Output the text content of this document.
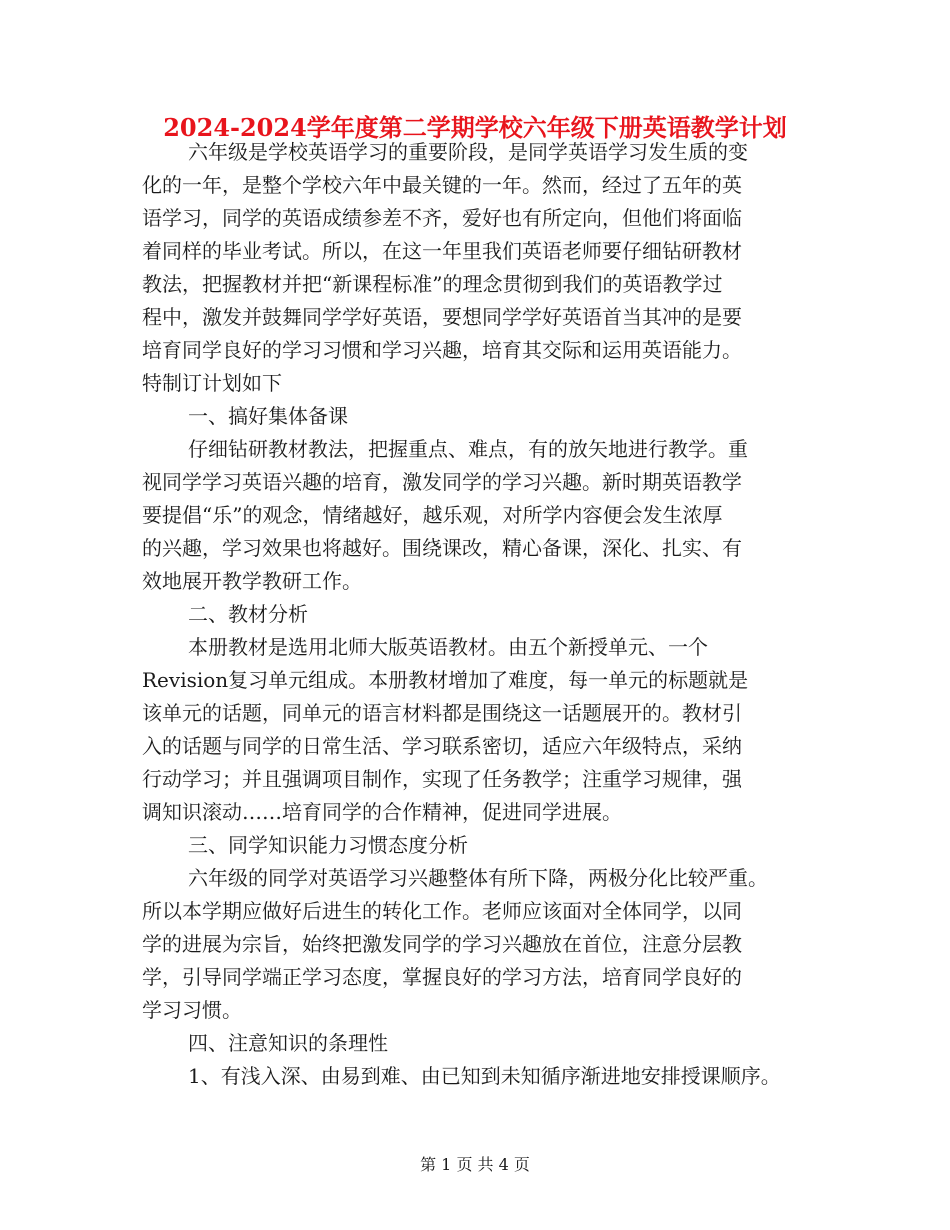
2024-2024学年度第二学期学校六年级下册英语教学计划
六年级是学校英语学习的重要阶段，是同学英语学习发生质的变
化的一年，是整个学校六年中最关键的一年。然而，经过了五年的英
语学习，同学的英语成绩参差不齐，爱好也有所定向，但他们将面临
着同样的毕业考试。所以，在这一年里我们英语老师要仔细钻研教材
教法，把握教材并把“新课程标准”的理念贯彻到我们的英语教学过
程中，激发并鼓舞同学学好英语，要想同学学好英语首当其冲的是要
培育同学良好的学习习惯和学习兴趣，培育其交际和运用英语能力。
特制订计划如下
一、搞好集体备课
仔细钻研教材教法，把握重点、难点，有的放矢地进行教学。重
视同学学习英语兴趣的培育，激发同学的学习兴趣。新时期英语教学
要提倡“乐”的观念，情绪越好，越乐观，对所学内容便会发生浓厚
的兴趣，学习效果也将越好。围绕课改，精心备课，深化、扎实、有
效地展开教学教研工作。
二、教材分析
本册教材是选用北师大版英语教材。由五个新授单元、一个
Revision复习单元组成。本册教材增加了难度，每一单元的标题就是
该单元的话题，同单元的语言材料都是围绕这一话题展开的。教材引
入的话题与同学的日常生活、学习联系密切，适应六年级特点，采纳
行动学习；并且强调项目制作，实现了任务教学；注重学习规律，强
调知识滚动……培育同学的合作精神，促进同学进展。
三、同学知识能力习惯态度分析
六年级的同学对英语学习兴趣整体有所下降，两极分化比较严重。
所以本学期应做好后进生的转化工作。老师应该面对全体同学，以同
学的进展为宗旨，始终把激发同学的学习兴趣放在首位，注意分层教
学，引导同学端正学习态度，掌握良好的学习方法，培育同学良好的
学习习惯。
四、注意知识的条理性
1、有浅入深、由易到难、由已知到未知循序渐进地安排授课顺序。
第 1 页 共 4 页
